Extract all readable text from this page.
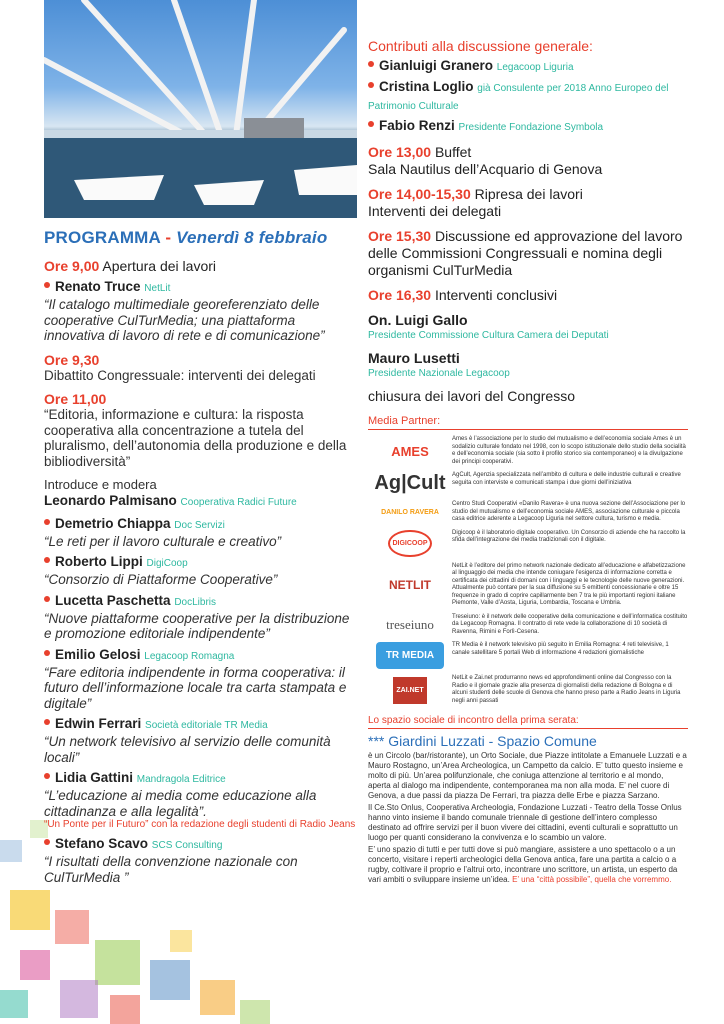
PROGRAMMA - Venerdì 8 febbraio
Ore 9,00 Apertura dei lavori
Renato Truce NetLit
“Il catalogo multimediale georeferenziato delle cooperative CulTurMedia; una piattaforma innovativa di lavoro di rete e di comunicazione”
Ore 9,30
Dibattito Congressuale: interventi dei delegati
Ore 11,00
“Editoria, informazione e cultura: la risposta cooperativa alla concentrazione a tutela del pluralismo, dell’autonomia della produzione e della bibliodiversità”
Introduce e modera
Leonardo Palmisano Cooperativa Radici Future
Demetrio Chiappa Doc Servizi
“Le reti per il lavoro culturale e creativo”
Roberto Lippi DigiCoop
“Consorzio di Piattaforme Cooperative”
Lucetta Paschetta DocLibris
“Nuove piattaforme cooperative per la distribuzione e promozione editoriale indipendente”
Emilio Gelosi Legacoop Romagna
“Fare editoria indipendente in forma cooperativa: il futuro dell’informazione locale tra carta stampata e digitale”
Edwin Ferrari Società editoriale TR Media
“Un network televisivo al servizio delle comunità locali”
Lidia Gattini Mandragola Editrice
“L’educazione ai media come educazione alla cittadinanza e alla legalità”.
“Un Ponte per il Futuro” con la redazione degli studenti di Radio Jeans
Stefano Scavo SCS Consulting
“I risultati della convenzione nazionale con CulTurMedia ”
Contributi alla discussione generale:
Gianluigi Granero Legacoop Liguria
Cristina Loglio già Consulente per 2018 Anno Europeo del Patrimonio Culturale
Fabio Renzi Presidente Fondazione Symbola
Ore 13,00 Buffet
Sala Nautilus dell’Acquario di Genova
Ore 14,00-15,30 Ripresa dei lavori
Interventi dei delegati
Ore 15,30 Discussione ed approvazione del lavoro delle Commissioni Congressuali e nomina degli organismi CulTurMedia
Ore 16,30 Interventi conclusivi
On. Luigi Gallo
Presidente Commissione Cultura Camera dei Deputati
Mauro Lusetti
Presidente Nazionale Legacoop
chiusura dei lavori del Congresso
Media Partner:
AMES
Ames è l’associazione per lo studio del mutualismo e dell’economia sociale Ames è un sodalizio culturale fondato nel 1998, con lo scopo istituzionale dello studio della socialità e dell’economia sociale (sia sotto il profilo storico sia contemporaneo) e la divulgazione dei principi cooperativi.
Ag|Cult AgCult, Agenzia specializzata nell’ambito di cultura e delle industrie culturali e creative seguita con interviste e comunicati stampa i due giorni dell’iniziativa
DANILO RAVERA
Centro Studi Cooperativi «Danilo Ravera» è una nuova sezione dell’Associazione per lo studio del mutualismo e dell’economia sociale AMES, associazione culturale e piccola casa editrice aderente a Legacoop Liguria nel settore cultura, turismo e media.
DIGICOOP
Digicoop è il laboratorio digitale cooperativo. Un Consorzio di aziende che ha raccolto la sfida dell’integrazione dei media tradizionali con il digitale.
NETLIT
NetLit è l’editore del primo network nazionale dedicato all’educazione e alfabetizzazione al linguaggio dei media che intende coniugare l’esigenza di informazione corretta e certificata dei cittadini di domani con i linguaggi e le tecnologie delle nuove generazioni. Attualmente può contare per la sua diffusione su 5 emittenti concessionarie e oltre 15 frequenze in grado di coprire capillarmente ben 7 tra le più importanti regioni italiane Piemonte, Valle d’Aosta, Liguria, Lombardia, Toscana e Umbria.
treseiuno
Treseiuno: è il network delle cooperative della comunicazione e dell’informatica costituito da Legacoop Romagna. Il contratto di rete vede la collaborazione di 10 società di Ravenna, Rimini e Forlì-Cesena.
TR MEDIA
TR Media è il network televisivo più seguito in Emilia Romagna: 4 reti televisive, 1 canale satellitare 5 portali Web di informazione 4 redazioni giornalistiche
ZAI.NET
NetLit e Zai.net produrranno news ed approfondimenti online dal Congresso con la Radio e il giornale grazie alla presenza di giornalisti della redazione di Bologna e di alcuni studenti delle scuole di Genova che hanno preso parte a Radio Jeans in Liguria negli anni passati
Lo spazio sociale di incontro della prima serata:
*** Giardini Luzzati - Spazio Comune
è un Circolo (bar/ristorante), un Orto Sociale, due Piazze intitolate a Emanuele Luzzati e a Mauro Rostagno, un’Area Archeologica, un Campetto da calcio. E’ tutto questo insieme e molto di più. Un’area polifunzionale, che coniuga attenzione al territorio e al mondo, aperta al dialogo ma indipendente, contemporanea ma non alla moda. E’ nel cuore di Genova, a due passi da piazza De Ferrari, tra piazza delle Erbe e piazza Sarzano.
Il Ce.Sto Onlus, Cooperativa Archeologia, Fondazione Luzzati - Teatro della Tosse Onlus hanno vinto insieme il bando comunale triennale di gestione dell’intero complesso destinato ad offrire servizi per il buon vivere dei cittadini, eventi culturali e soprattutto un luogo per quanti considerano la convivenza e lo scambio un valore.
E’ uno spazio di tutti e per tutti dove si può mangiare, assistere a uno spettacolo o a un concerto, visitare i reperti archeologici della Genova antica, fare una partita a calcio o a rugby, coltivare il proprio e l’altrui orto, incontrare uno scrittore, un artista, un esperto da vari ambiti o sviluppare insieme un’idea. E’ una “città possibile”, quella che vorremmo.
